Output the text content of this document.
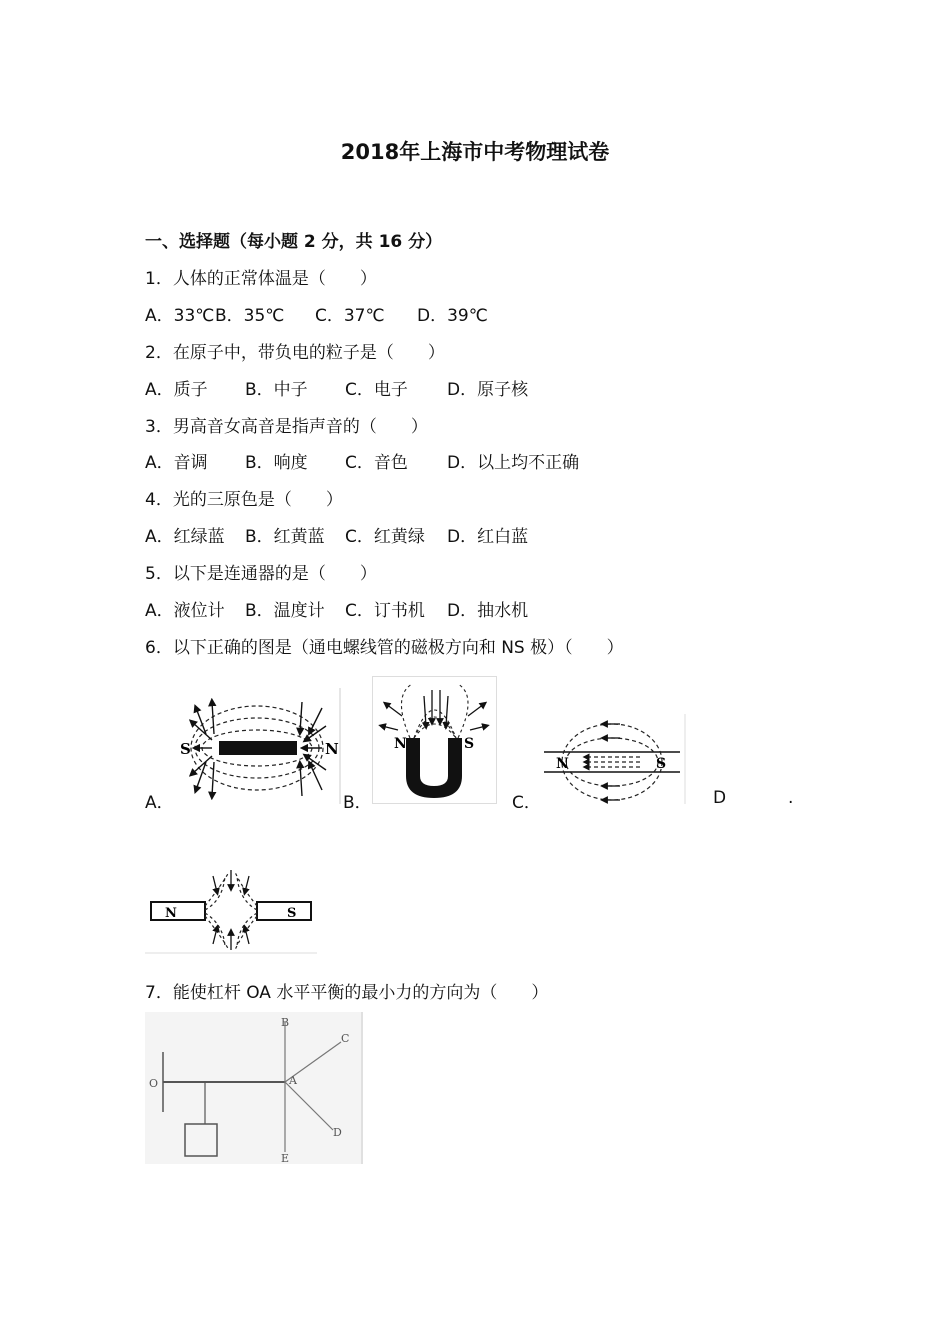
2018年上海市中考物理试卷
一、选择题（每小题 2 分，共 16 分）
1．人体的正常体温是（　　）
A．33℃B．35℃ C．37℃ D．39℃
2．在原子中，带负电的粒子是（　　）
A．质子 B．中子 C．电子 D．原子核
3．男高音女高音是指声音的（　　）
A．音调 B．响度 C．音色 D．以上均不正确
4．光的三原色是（　　）
A．红绿蓝 B．红黄蓝 C．红黄绿 D．红白蓝
5．以下是连通器的是（　　）
A．液位计 B．温度计 C．订书机 D．抽水机
6．以下正确的图是（通电螺线管的磁极方向和 NS 极）（　　）
A．	B．	C．	D	.
S	N	N	S
N	S
N	S
7．能使杠杆 OA 水平平衡的最小力的方向为（　　）
O	A
B
C
D
E
